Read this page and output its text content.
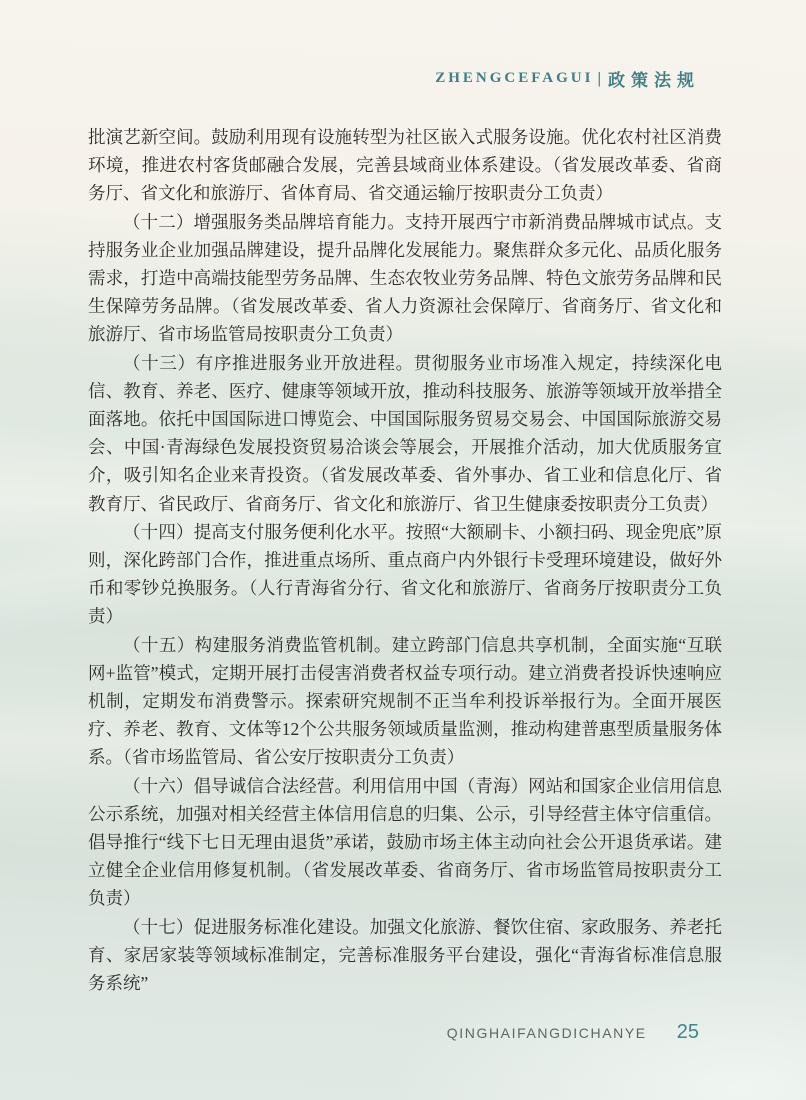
ZHENGCEFAGUI | 政策法规

批演艺新空间。鼓励利用现有设施转型为社区嵌入式服务设施。优化农村社区消费环境，推进农村客货邮融合发展，完善县域商业体系建设。（省发展改革委、省商务厅、省文化和旅游厅、省体育局、省交通运输厅按职责分工负责）

（十二）增强服务类品牌培育能力。支持开展西宁市新消费品牌城市试点。支持服务业企业加强品牌建设，提升品牌化发展能力。聚焦群众多元化、品质化服务需求，打造中高端技能型劳务品牌、生态农牧业劳务品牌、特色文旅劳务品牌和民生保障劳务品牌。（省发展改革委、省人力资源社会保障厅、省商务厅、省文化和旅游厅、省市场监管局按职责分工负责）

（十三）有序推进服务业开放进程。贯彻服务业市场准入规定，持续深化电信、教育、养老、医疗、健康等领域开放，推动科技服务、旅游等领域开放举措全面落地。依托中国国际进口博览会、中国国际服务贸易交易会、中国国际旅游交易会、中国·青海绿色发展投资贸易洽谈会等展会，开展推介活动，加大优质服务宣介，吸引知名企业来青投资。（省发展改革委、省外事办、省工业和信息化厅、省教育厅、省民政厅、省商务厅、省文化和旅游厅、省卫生健康委按职责分工负责）

（十四）提高支付服务便利化水平。按照“大额刷卡、小额扫码、现金兜底”原则，深化跨部门合作，推进重点场所、重点商户内外银行卡受理环境建设，做好外币和零钞兑换服务。（人行青海省分行、省文化和旅游厅、省商务厅按职责分工负责）

（十五）构建服务消费监管机制。建立跨部门信息共享机制，全面实施“互联网+监管”模式，定期开展打击侵害消费者权益专项行动。建立消费者投诉快速响应机制，定期发布消费警示。探索研究规制不正当牟利投诉举报行为。全面开展医疗、养老、教育、文体等12个公共服务领域质量监测，推动构建普惠型质量服务体系。（省市场监管局、省公安厅按职责分工负责）

（十六）倡导诚信合法经营。利用信用中国（青海）网站和国家企业信用信息公示系统，加强对相关经营主体信用信息的归集、公示，引导经营主体守信重信。倡导推行“线下七日无理由退货”承诺，鼓励市场主体主动向社会公开退货承诺。建立健全企业信用修复机制。（省发展改革委、省商务厅、省市场监管局按职责分工负责）

（十七）促进服务标准化建设。加强文化旅游、餐饮住宿、家政服务、养老托育、家居家装等领域标准制定，完善标准服务平台建设，强化“青海省标准信息服务系统”

QINGHAIFANGDICHANYE 25
